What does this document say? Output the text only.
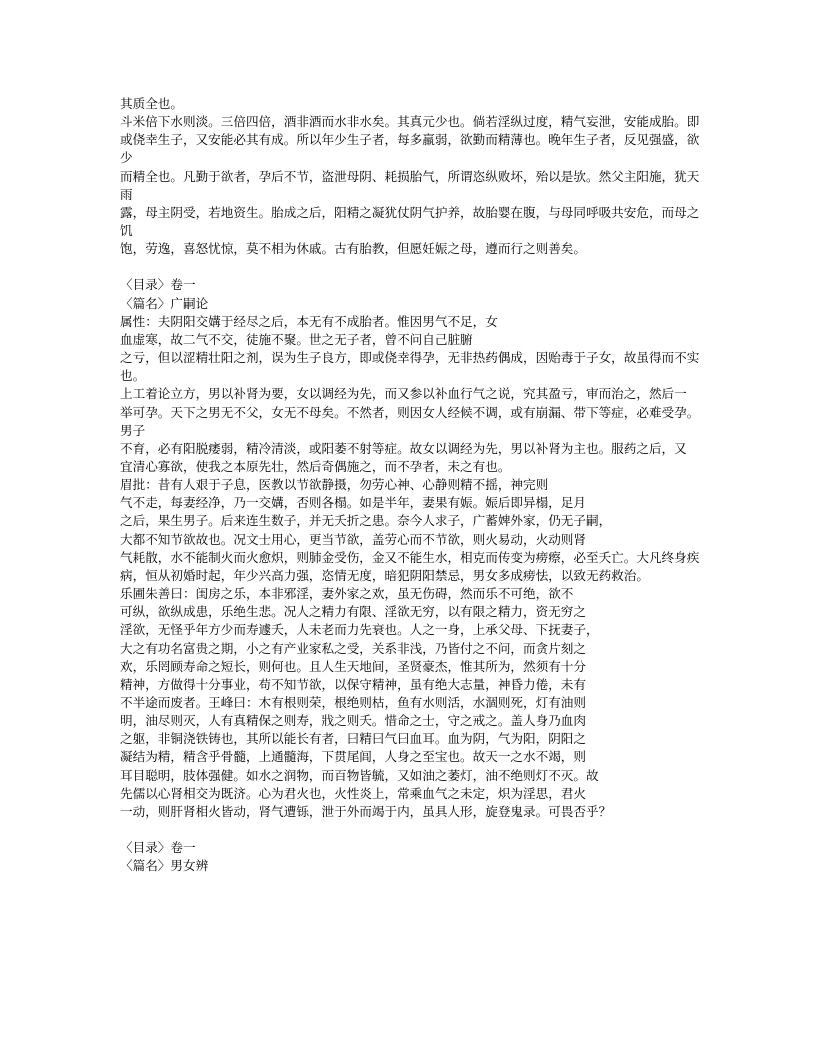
其质全也。
斗米倍下水则淡。三倍四倍，酒非酒而水非水矣。其真元少也。倘若淫纵过度，精气妄泄，安能成胎。即
或侥幸生子，又安能必其有成。所以年少生子者，每多羸弱，欲勤而精薄也。晚年生子者，反见强盛，欲少
而精全也。凡勤于欲者，孕后不节，盗泄母阴、耗损胎气，所谓恣纵败坏，殆以是欤。然父主阳施，犹天雨
露，母主阴受，若地资生。胎成之后，阳精之凝犹仗阴气护养，故胎婴在腹，与母同呼吸共安危，而母之饥
饱，劳逸，喜怒忧惊，莫不相为休戚。古有胎教，但愿妊娠之母，遵而行之则善矣。
〈目录〉卷一
〈篇名〉广嗣论
属性：夫阴阳交媾于经尽之后，本无有不成胎者。惟因男气不足，女
血虚寒，故二气不交，徒施不聚。世之无子者，曾不问自己脏腑
之亏，但以涩精壮阳之剂，误为生子良方，即或侥幸得孕，无非热药偶成，因贻毒于子女，故虽得而不实也。
上工着论立方，男以补肾为要，女以调经为先，而又参以补血行气之说，究其盈亏，审而治之，然后一
举可孕。天下之男无不父，女无不母矣。不然者，则因女人经候不调，或有崩漏、带下等症，必难受孕。男子
不育，必有阳脱痿弱，精冷清淡，或阳萎不射等症。故女以调经为先，男以补肾为主也。服药之后，又
宜清心寡欲，使我之本原先壮，然后奇偶施之，而不孕者，未之有也。
眉批：昔有人艰于子息，医教以节欲静摄，勿劳心神、心静则精不摇，神完则
气不走，每妻经净，乃一交媾，否则各榻。如是半年，妻果有娠。娠后即异榻，足月
之后，果生男子。后来连生数子，并无夭折之患。奈今人求子，广蓄婢外家，仍无子嗣，
大都不知节欲故也。况文士用心，更当节欲，盖劳心而不节欲，则火易动，火动则肾
气耗散，水不能制火而火愈炽，则肺金受伤，金又不能生水，相克而传变为痨瘵，必至夭亡。大凡终身疾
病，恒从初婚时起，年少兴高力强，恣情无度，暗犯阴阳禁忌，男女多成痨怯，以致无药救治。
乐圃朱善曰：闺房之乐，本非邪淫，妻外家之欢，虽无伤碍，然而乐不可绝，欲不
可纵，欲纵成患，乐绝生悲。况人之精力有限、淫欲无穷，以有限之精力，资无穷之
淫欲，无怪乎年方少而寿遽夭，人未老而力先衰也。人之一身，上承父母、下抚妻子，
大之有功名富贵之期，小之有产业家私之受，关系非浅，乃皆付之不问，而贪片刻之
欢，乐罔顾寿命之短长，则何也。且人生天地间，圣贤豪杰，惟其所为，然须有十分
精神，方做得十分事业，苟不知节欲，以保守精神，虽有绝大志量，神昏力倦，未有
不半途而废者。王峰曰：木有根则荣，根绝则枯，鱼有水则活，水涸则死，灯有油则
明，油尽则灭，人有真精保之则寿，戕之则夭。惜命之士，守之戒之。盖人身乃血肉
之躯，非铜浇铁铸也，其所以能长有者，曰精曰气曰血耳。血为阴，气为阳，阴阳之
凝结为精，精含乎骨髓，上通髓海，下贯尾闾，人身之至宝也。故天一之水不竭，则
耳目聪明，肢体强健。如水之润物，而百物皆毓，又如油之萎灯，油不绝则灯不灭。故
先儒以心肾相交为既济。心为君火也，火性炎上，常乘血气之未定，炽为淫思，君火
一动，则肝肾相火皆动，肾气遭铄，泄于外而竭于内，虽具人形，旋登鬼录。可畏否乎？
〈目录〉卷一
〈篇名〉男女辨
